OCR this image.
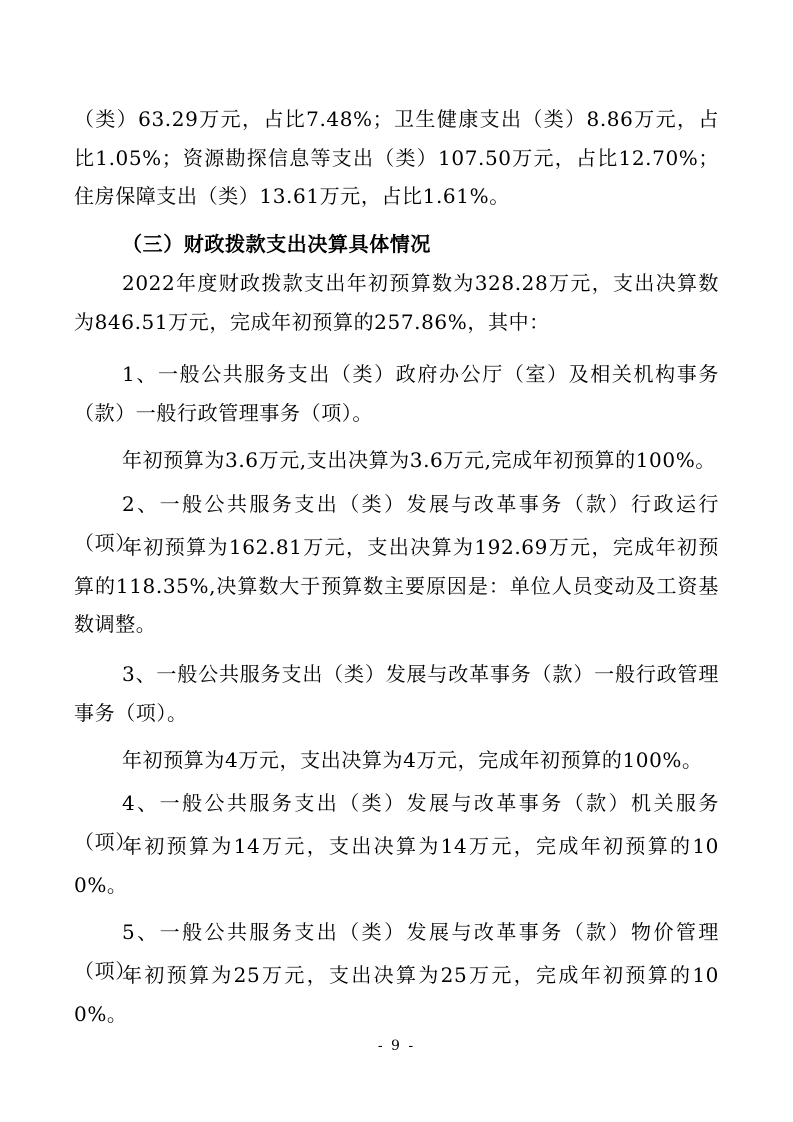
（类）63.29万元，占比7.48%；卫生健康支出（类）8.86万元，占比1.05%；资源勘探信息等支出（类）107.50万元，占比12.70%；住房保障支出（类）13.61万元，占比1.61%。

（三）财政拨款支出决算具体情况

2022年度财政拨款支出年初预算数为328.28万元，支出决算数为846.51万元，完成年初预算的257.86%，其中：

1、一般公共服务支出（类）政府办公厅（室）及相关机构事务（款）一般行政管理事务（项）。

年初预算为3.6万元,支出决算为3.6万元,完成年初预算的100%。

2、一般公共服务支出（类）发展与改革事务（款）行政运行（项）。

年初预算为162.81万元，支出决算为192.69万元，完成年初预算的118.35%,决算数大于预算数主要原因是：单位人员变动及工资基数调整。

3、一般公共服务支出（类）发展与改革事务（款）一般行政管理事务（项）。

年初预算为4万元，支出决算为4万元，完成年初预算的100%。

4、一般公共服务支出（类）发展与改革事务（款）机关服务（项）。

年初预算为14万元，支出决算为14万元，完成年初预算的100%。

5、一般公共服务支出（类）发展与改革事务（款）物价管理（项）。

年初预算为25万元，支出决算为25万元，完成年初预算的100%。

- 9 -
